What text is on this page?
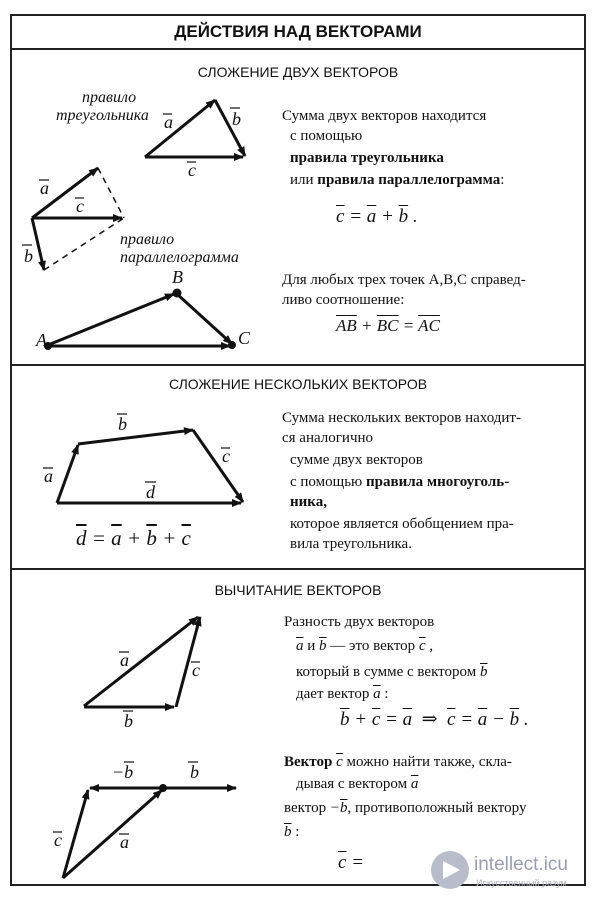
ДЕЙСТВИЯ НАД ВЕКТОРАМИ
СЛОЖЕНИЕ ДВУХ ВЕКТОРОВ
a	b
c
a
c
b
B
A	C
b
a
c
d
a	c
b
−b	b
c	a
правило
треугольника
правило
параллелограмма
Сумма двух векторов находится
с помощью
правила треугольника
или правила параллелограмма:
$\overline{c} = \overline{a} + \overline{b}$ .
Для любых трех точек A,B,C справед-
ливо соотношение:
AB + BC = AC
СЛОЖЕНИЕ НЕСКОЛЬКИХ ВЕКТОРОВ
Сумма нескольких векторов находит-
ся аналогично
сумме двух векторов
с помощью правила многоуголь-
ника,
которое является обобщением пра-
вила треугольника.
$\overline{d} = \overline{a} + \overline{b} + \overline{c}$
ВЫЧИТАНИЕ ВЕКТОРОВ
Разность двух векторов
$\overline{a}$ и $\overline{b}$ — это вектор $\overline{c}$ ,
который в сумме с вектором $\overline{b}$
дает вектор $\overline{a}$ :
$\overline{b} + \overline{c} = \overline{a}$  ⇒  $\overline{c} = \overline{a} - \overline{b}$ .
Вектор $\overline{c}$ можно найти также, скла-
дывая с вектором $\overline{a}$
вектор $-\overline{b}$, противоположный вектору
$\overline{b}$ :
$\overline{c}$ =	intellect.icu
Искусственный разум
